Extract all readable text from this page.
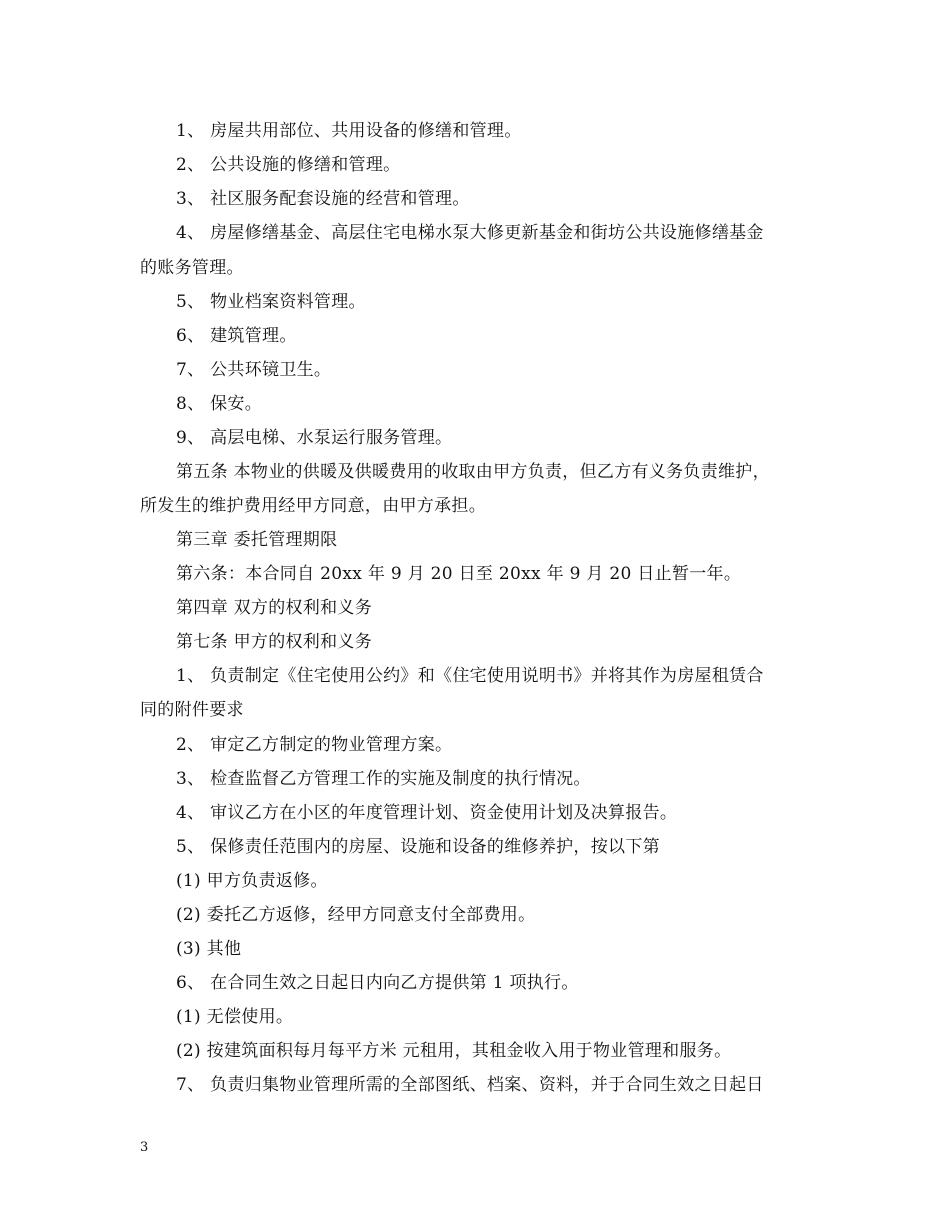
1、 房屋共用部位、共用设备的修缮和管理。
2、 公共设施的修缮和管理。
3、 社区服务配套设施的经营和管理。
4、 房屋修缮基金、高层住宅电梯水泵大修更新基金和街坊公共设施修缮基金
的账务管理。
5、 物业档案资料管理。
6、 建筑管理。
7、 公共环镜卫生。
8、 保安。
9、 高层电梯、水泵运行服务管理。
第五条 本物业的供暖及供暖费用的收取由甲方负责，但乙方有义务负责维护，
所发生的维护费用经甲方同意，由甲方承担。
第三章 委托管理期限
第六条：本合同自 20xx 年 9 月 20 日至 20xx 年 9 月 20 日止暂一年。
第四章 双方的权利和义务
第七条 甲方的权利和义务
1、 负责制定《住宅使用公约》和《住宅使用说明书》并将其作为房屋租赁合
同的附件要求
2、 审定乙方制定的物业管理方案。
3、 检查监督乙方管理工作的实施及制度的执行情况。
4、 审议乙方在小区的年度管理计划、资金使用计划及决算报告。
5、 保修责任范围内的房屋、设施和设备的维修养护，按以下第
(1) 甲方负责返修。
(2) 委托乙方返修，经甲方同意支付全部费用。
(3) 其他
6、 在合同生效之日起日内向乙方提供第 1 项执行。
(1) 无偿使用。
(2) 按建筑面积每月每平方米 元租用，其租金收入用于物业管理和服务。
7、 负责归集物业管理所需的全部图纸、档案、资料，并于合同生效之日起日
3
